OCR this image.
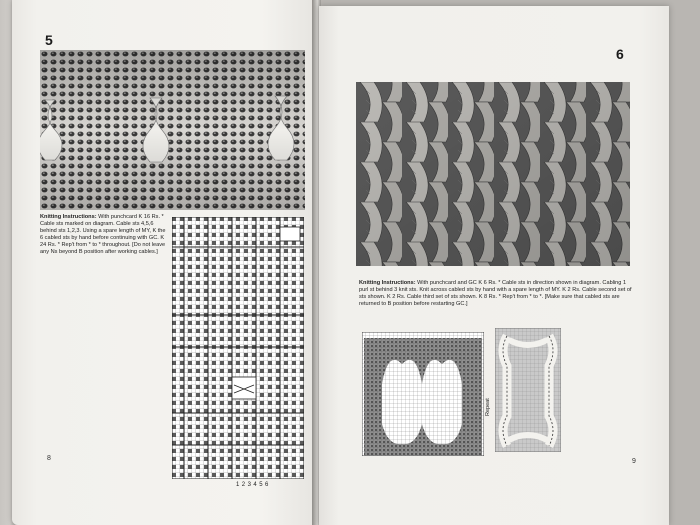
5
Knitting Instructions: With punchcard K 16 Rs. * Cable sts marked on diagram. Cable sts 4,5,6 behind sts 1,2,3. Using a spare length of MY, K the 6 cabled sts by hand before continuing with GC. K 24 Rs. * Rep't from * to * throughout. [Do not leave any Ns beyond B position after working cables.]
1 2 3 4 5 6
8
6
Knitting Instructions: With punchcard and GC K 6 Rs. * Cable sts in direction shown in diagram. Cabling 1 purl st behind 3 knit sts. Knit across cabled sts by hand with a spare length of MY. K 2 Rs. Cable second set of sts shown. K 2 Rs. Cable third set of sts shown. K 8 Rs. * Rep't from * to *. [Make sure that cabled sts are returned to B position before restarting GC.]
Repeat
9
